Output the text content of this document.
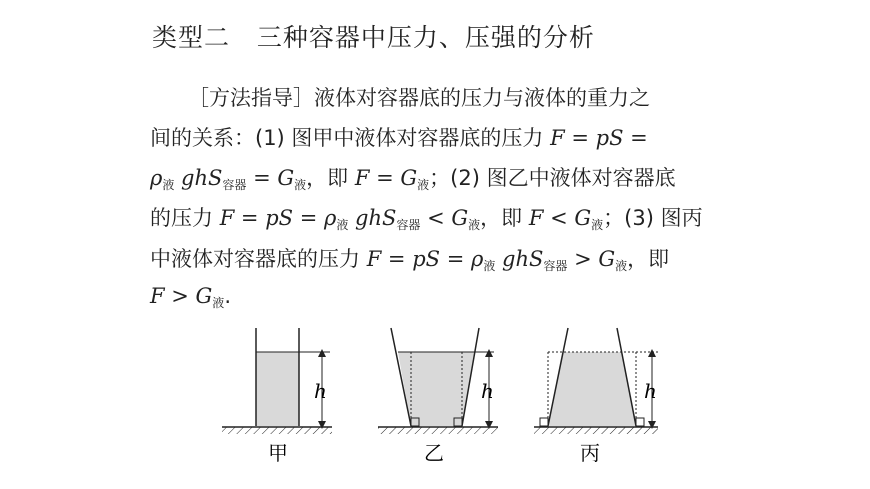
类型二   三种容器中压力、压强的分析
［方法指导］液体对容器底的压力与液体的重力之
间的关系：(1) 图甲中液体对容器底的压力 F = pS =
$\rho_液$ $ghS_{容器} = G_液$，即 $F = G_液$；(2) 图乙中液体对容器底
的压力 F = pS = $\rho_液$ $ghS_{容器} < G_液$，即 $F < G_液$；(3) 图丙
中液体对容器底的压力 F = pS = $\rho_液$ $ghS_{容器} > G_液$，即
$F > G_液$.
h
甲
h
乙
h
丙
